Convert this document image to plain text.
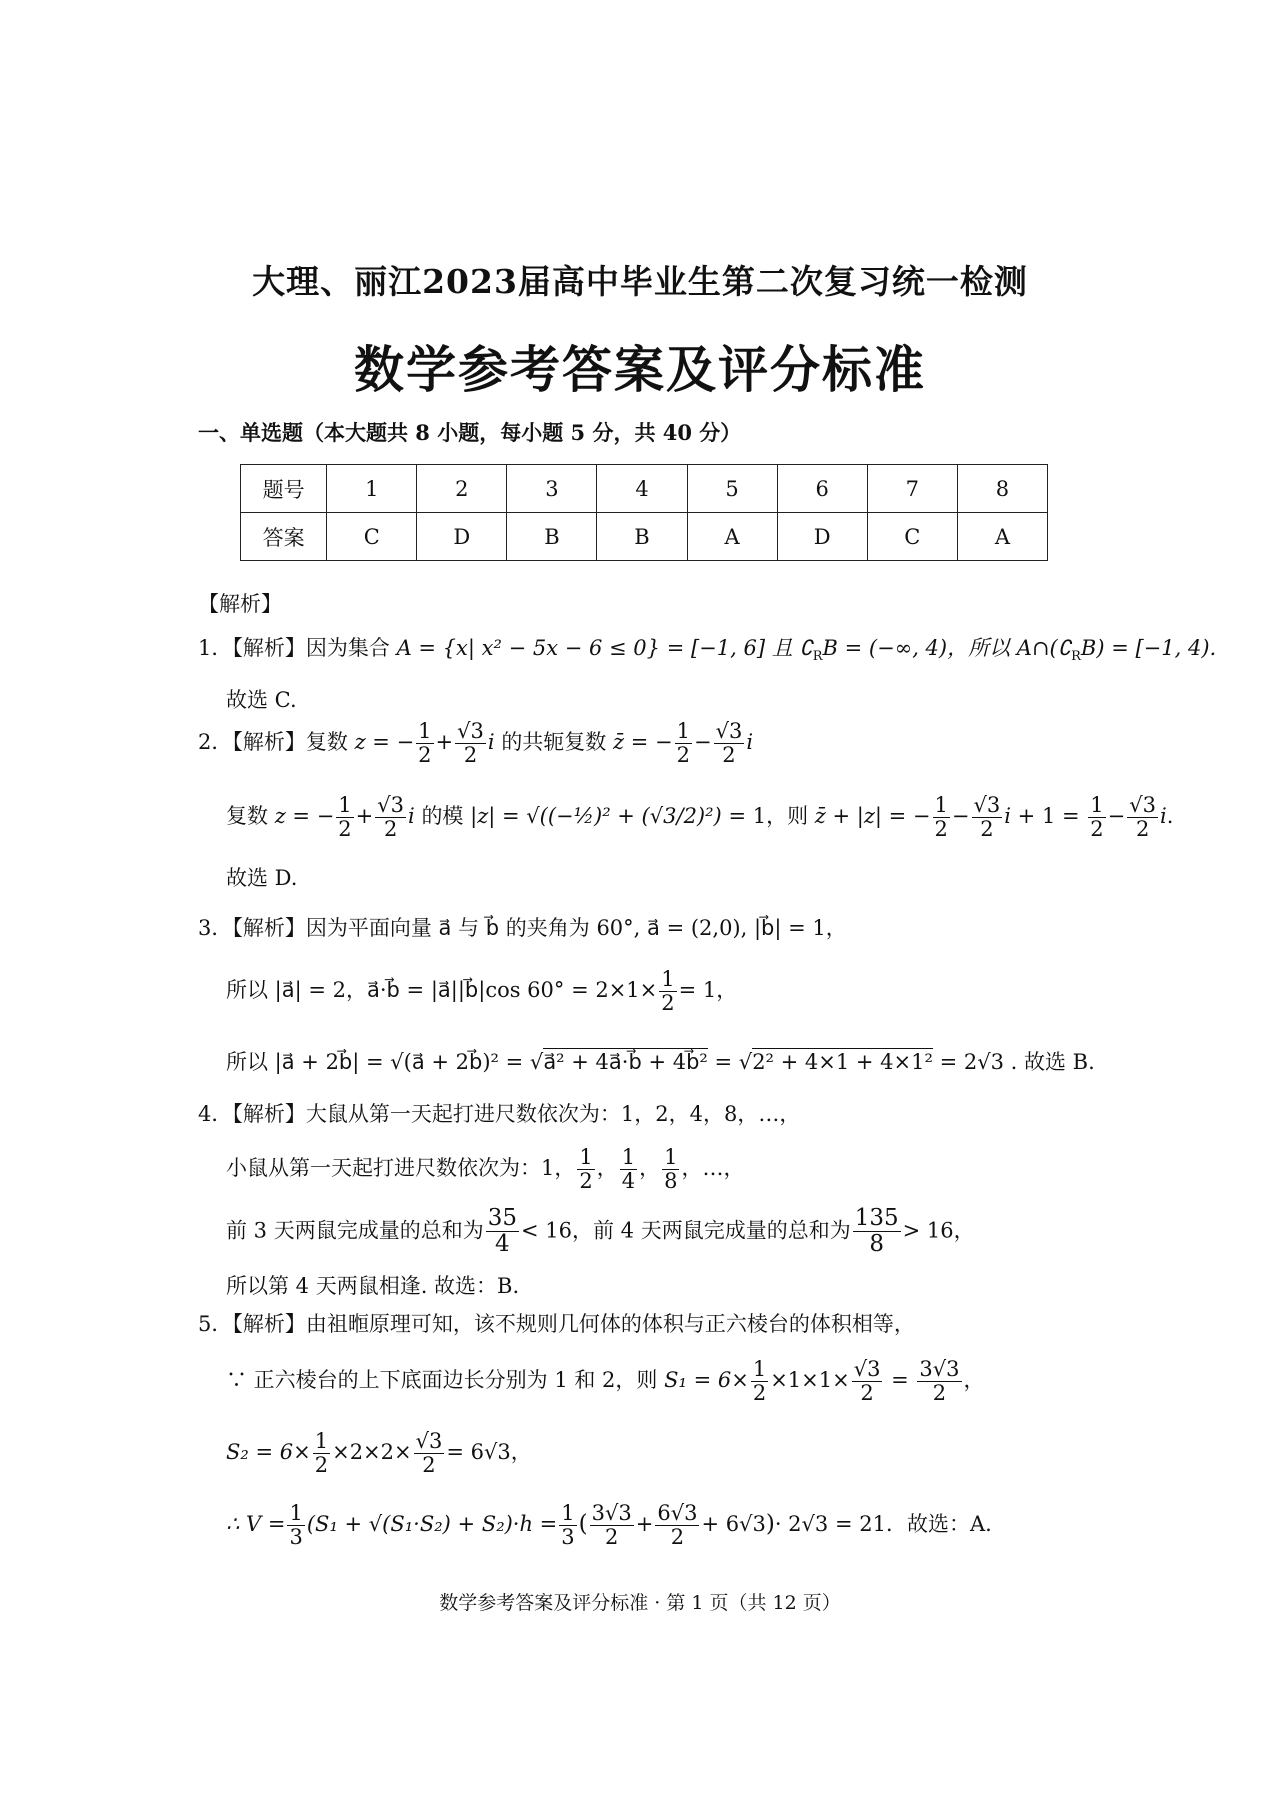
大理、丽江2023届高中毕业生第二次复习统一检测
数学参考答案及评分标准
一、单选题（本大题共 8 小题，每小题 5 分，共 40 分）
题号	1	2	3	4	5	6	7	8
答案	C	D	B	B	A	D	C	A
【解析】
1．【解析】因为集合 A = {x| x² − 5x − 6 ≤ 0} = [−1, 6] 且 $∁_RB$ = (−∞, 4)，所以 $A\cap(∁_RB) = [-1$, 4).
故选 C.
2．【解析】复数 z = − $\frac{1}{2} + \frac{√3}{2}$ i 的共轭复数 z̄ = − $\frac{1}{2} - \frac{√3}{2}$ i
复数 z = − $\frac{1}{2} + \frac{√3}{2}$ i 的模 |z| = √((−½)² + (√3/2)²) = 1，则 z̄ + |z| = − $\frac{1}{2} - \frac{√3}{2}$ $i + 1 = \frac{1}{2} - \frac{√3}{2} i$.
故选 D.
3．【解析】因为平面向量 a⃗ 与 b⃗ 的夹角为 60°, a⃗ = (2,0), |b⃗| = 1，
所以 |a⃗| = 2，a⃗·b⃗ = |a⃗||b⃗|cos $60^\circ = 2\times 1\times \frac{1}{2} = 1$，
所以 |a⃗ + 2b⃗| = √(a⃗ + 2b⃗)² = √a⃗² + 4a⃗·b⃗ + 4b⃗² = √2² + 4×1 + 4×1² = 2√3 . 故选 B.
4．【解析】大鼠从第一天起打进尺数依次为：1，2，4，8，…，
小鼠从第一天起打进尺数依次为：1， $\frac{1}{2}$ ， $\frac{1}{4}$ ， $\frac{1}{8}$ ，…，
前 3 天两鼠完成量的总和为 $\frac{35}{4} < 16$，前 4 天两鼠完成量的总和为 $\frac{135}{8} > 16$，
所以第 4 天两鼠相逢. 故选：B.
5．【解析】由祖暅原理可知，该不规则几何体的体积与正六棱台的体积相等，
∵ 正六棱台的上下底面边长分别为 1 和 2，则 $S_1 = 6\times \frac{1}{2} \times 1\times 1\times \frac{√3}{2} = \frac{3√3}{2}$ ，
$S_2 = 6\times \frac{1}{2} \times 2\times 2\times \frac{√3}{2} = 6√3$，
∴ $V = \frac{1}{3} (S_1 + √(S_1\cdot S_2) + S_2)\cdot h = \frac{1}{3}$ ( $\frac{3√3}{2} + \frac{6√3}{2} + 6√3)\cdot 2√3 = 21$．故选：A.
数学参考答案及评分标准 · 第 1 页（共 12 页）
